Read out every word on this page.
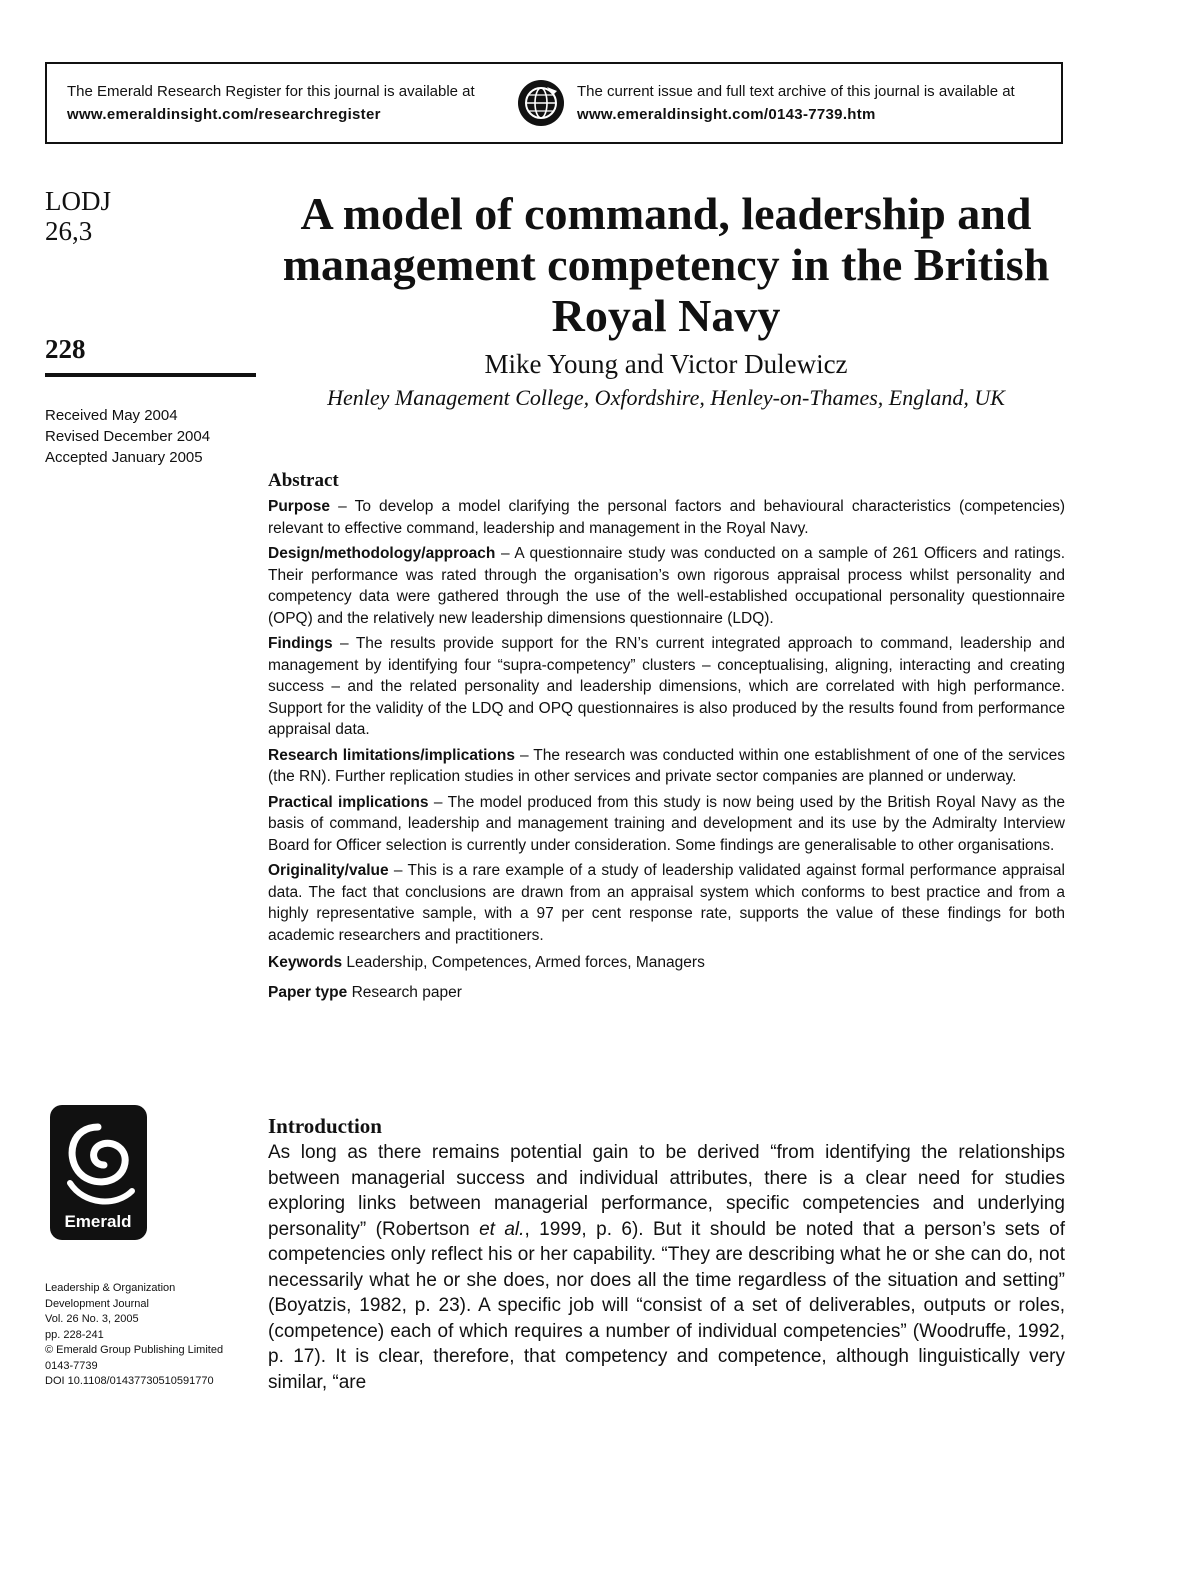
The Emerald Research Register for this journal is available at
www.emeraldinsight.com/researchregister
The current issue and full text archive of this journal is available at
www.emeraldinsight.com/0143-7739.htm
LODJ
26,3
228
Received May 2004
Revised December 2004
Accepted January 2005
Emerald
Leadership & Organization
Development Journal
Vol. 26 No. 3, 2005
pp. 228-241
© Emerald Group Publishing Limited
0143-7739
DOI 10.1108/01437730510591770
A model of command, leadership and management competency in the British Royal Navy
Mike Young and Victor Dulewicz
Henley Management College, Oxfordshire, Henley-on-Thames, England, UK
Abstract

Purpose – To develop a model clarifying the personal factors and behavioural characteristics (competencies) relevant to effective command, leadership and management in the Royal Navy.

Design/methodology/approach – A questionnaire study was conducted on a sample of 261 Officers and ratings. Their performance was rated through the organisation’s own rigorous appraisal process whilst personality and competency data were gathered through the use of the well-established occupational personality questionnaire (OPQ) and the relatively new leadership dimensions questionnaire (LDQ).

Findings – The results provide support for the RN’s current integrated approach to command, leadership and management by identifying four “supra-competency” clusters – conceptualising, aligning, interacting and creating success – and the related personality and leadership dimensions, which are correlated with high performance. Support for the validity of the LDQ and OPQ questionnaires is also produced by the results found from performance appraisal data.

Research limitations/implications – The research was conducted within one establishment of one of the services (the RN). Further replication studies in other services and private sector companies are planned or underway.

Practical implications – The model produced from this study is now being used by the British Royal Navy as the basis of command, leadership and management training and development and its use by the Admiralty Interview Board for Officer selection is currently under consideration. Some findings are generalisable to other organisations.

Originality/value – This is a rare example of a study of leadership validated against formal performance appraisal data. The fact that conclusions are drawn from an appraisal system which conforms to best practice and from a highly representative sample, with a 97 per cent response rate, supports the value of these findings for both academic researchers and practitioners.

Keywords Leadership, Competences, Armed forces, Managers
Paper type Research paper
Introduction

As long as there remains potential gain to be derived “from identifying the relationships between managerial success and individual attributes, there is a clear need for studies exploring links between managerial performance, specific competencies and underlying personality” (Robertson et al., 1999, p. 6). But it should be noted that a person’s sets of competencies only reflect his or her capability. “They are describing what he or she can do, not necessarily what he or she does, nor does all the time regardless of the situation and setting” (Boyatzis, 1982, p. 23). A specific job will “consist of a set of deliverables, outputs or roles, (competence) each of which requires a number of individual competencies” (Woodruffe, 1992, p. 17). It is clear, therefore, that competency and competence, although linguistically very similar, “are
